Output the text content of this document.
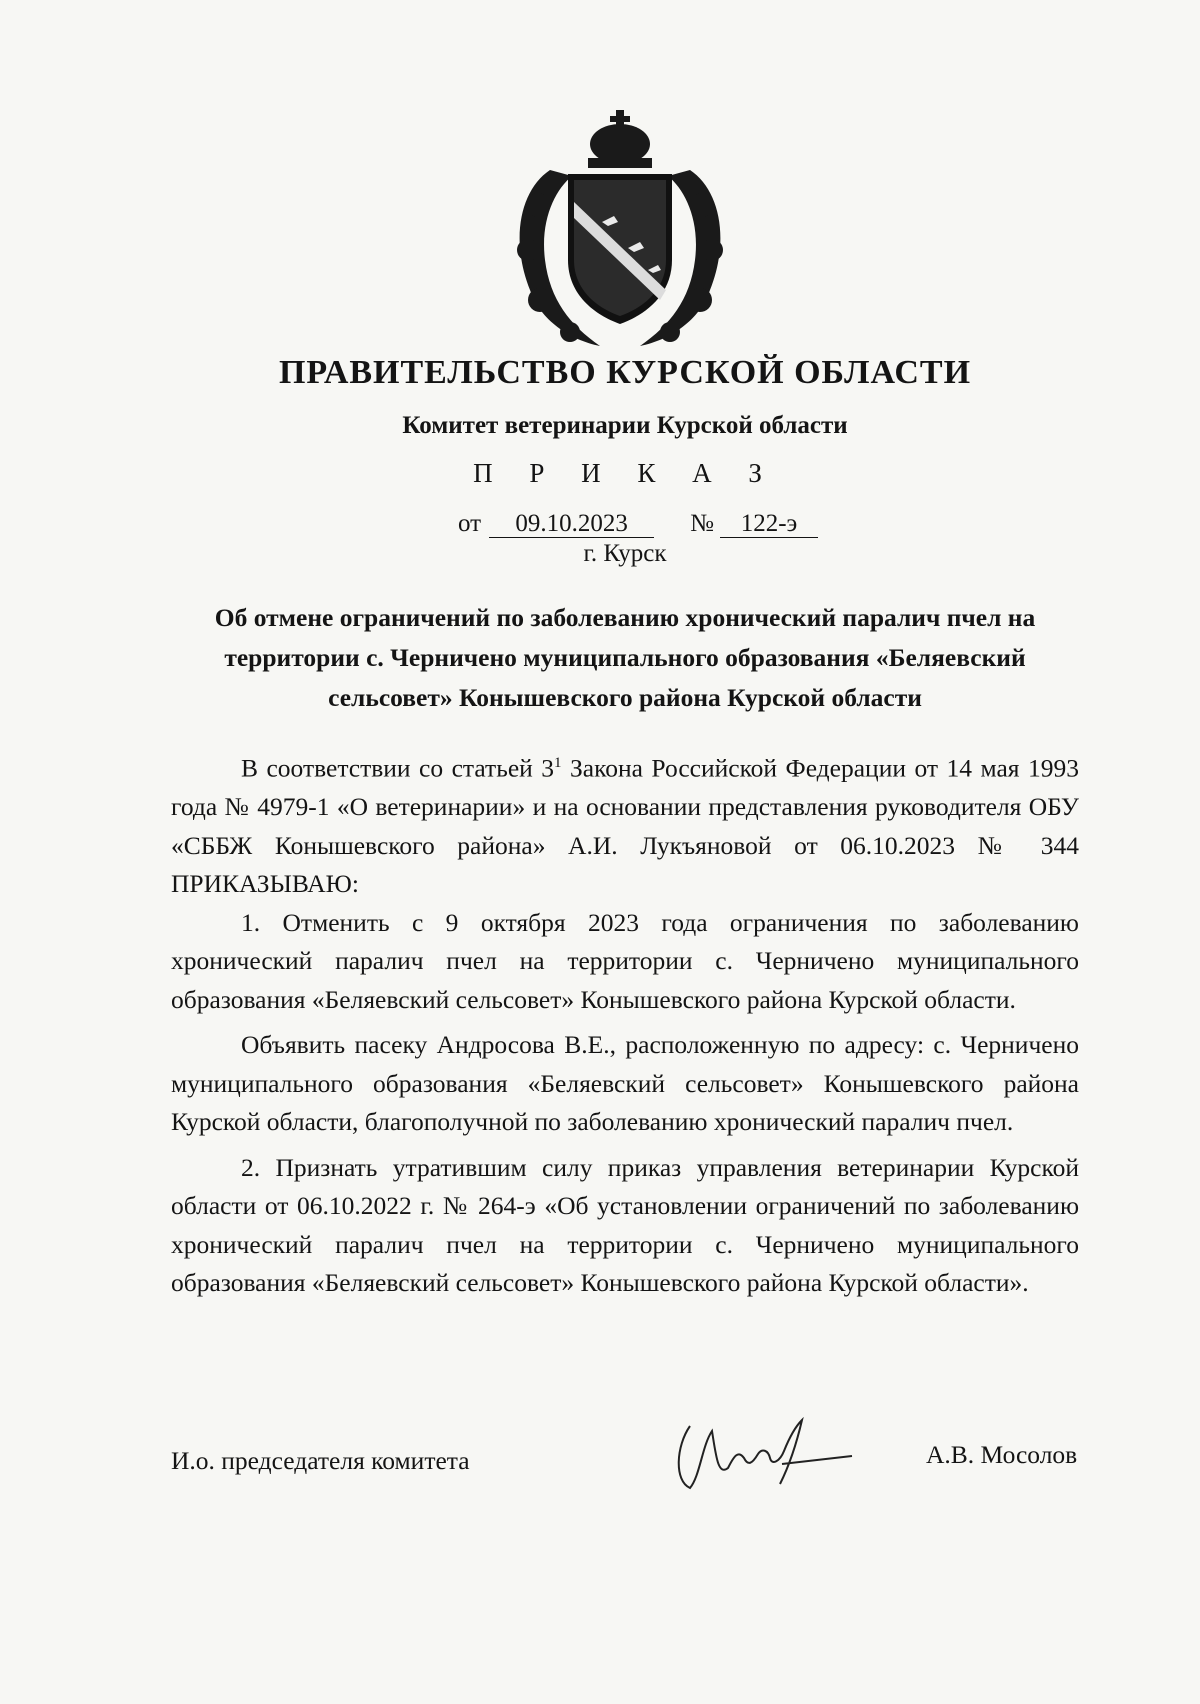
ПРАВИТЕЛЬСТВО КУРСКОЙ ОБЛАСТИ
Комитет ветеринарии Курской области
П Р И К А З
от 09.10.2023 № 122-э
г. Курск
Об отмене ограничений по заболеванию хронический паралич пчел на территории с. Черничено муниципального образования «Беляевский сельсовет» Конышевского района Курской области

В соответствии со статьей $3^1$ Закона Российской Федерации от 14 мая 1993 года № 4979-1 «О ветеринарии» и на основании представления руководителя ОБУ «СББЖ Конышевского района» А.И. Лукъяновой от 06.10.2023 № 344 ПРИКАЗЫВАЮ:

1. Отменить с 9 октября 2023 года ограничения по заболеванию хронический паралич пчел на территории с. Черничено муниципального образования «Беляевский сельсовет» Конышевского района Курской области.

Объявить пасеку Андросова В.Е., расположенную по адресу: с. Черничено муниципального образования «Беляевский сельсовет» Конышевского района Курской области, благополучной по заболеванию хронический паралич пчел.

2. Признать утратившим силу приказ управления ветеринарии Курской области от 06.10.2022 г. № 264-э «Об установлении ограничений по заболеванию хронический паралич пчел на территории с. Черничено муниципального образования «Беляевский сельсовет» Конышевского района Курской области».

И.о. председателя комитета	А.В. Мосолов
